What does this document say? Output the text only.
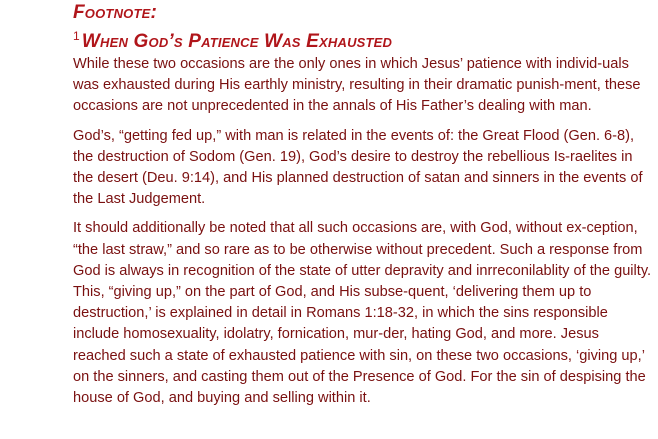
Footnote:

$^1$ When God’s Patience Was Exhausted

While these two occasions are the only ones in which Jesus’ patience with individ-uals was exhausted during His earthly ministry, resulting in their dramatic punish-ment, these occasions are not unprecedented in the annals of His Father’s dealing with man.

God’s, “getting fed up,” with man is related in the events of: the Great Flood (Gen. 6-8), the destruction of Sodom (Gen. 19), God’s desire to destroy the rebellious Is-raelites in the desert (Deu. 9:14), and His planned destruction of satan and sinners in the events of the Last Judgement.

It should additionally be noted that all such occasions are, with God, without ex-ception, “the last straw,” and so rare as to be otherwise without precedent. Such a response from God is always in recognition of the state of utter depravity and inrreconilablity of the guilty. This, “giving up,” on the part of God, and His subse-quent, ‘delivering them up to destruction,’ is explained in detail in Romans 1:18-32, in which the sins responsible include homosexuality, idolatry, fornication, mur-der, hating God, and more. Jesus reached such a state of exhausted patience with sin, on these two occasions, ‘giving up,’ on the sinners, and casting them out of the Presence of God. For the sin of despising the house of God, and buying and selling within it.
